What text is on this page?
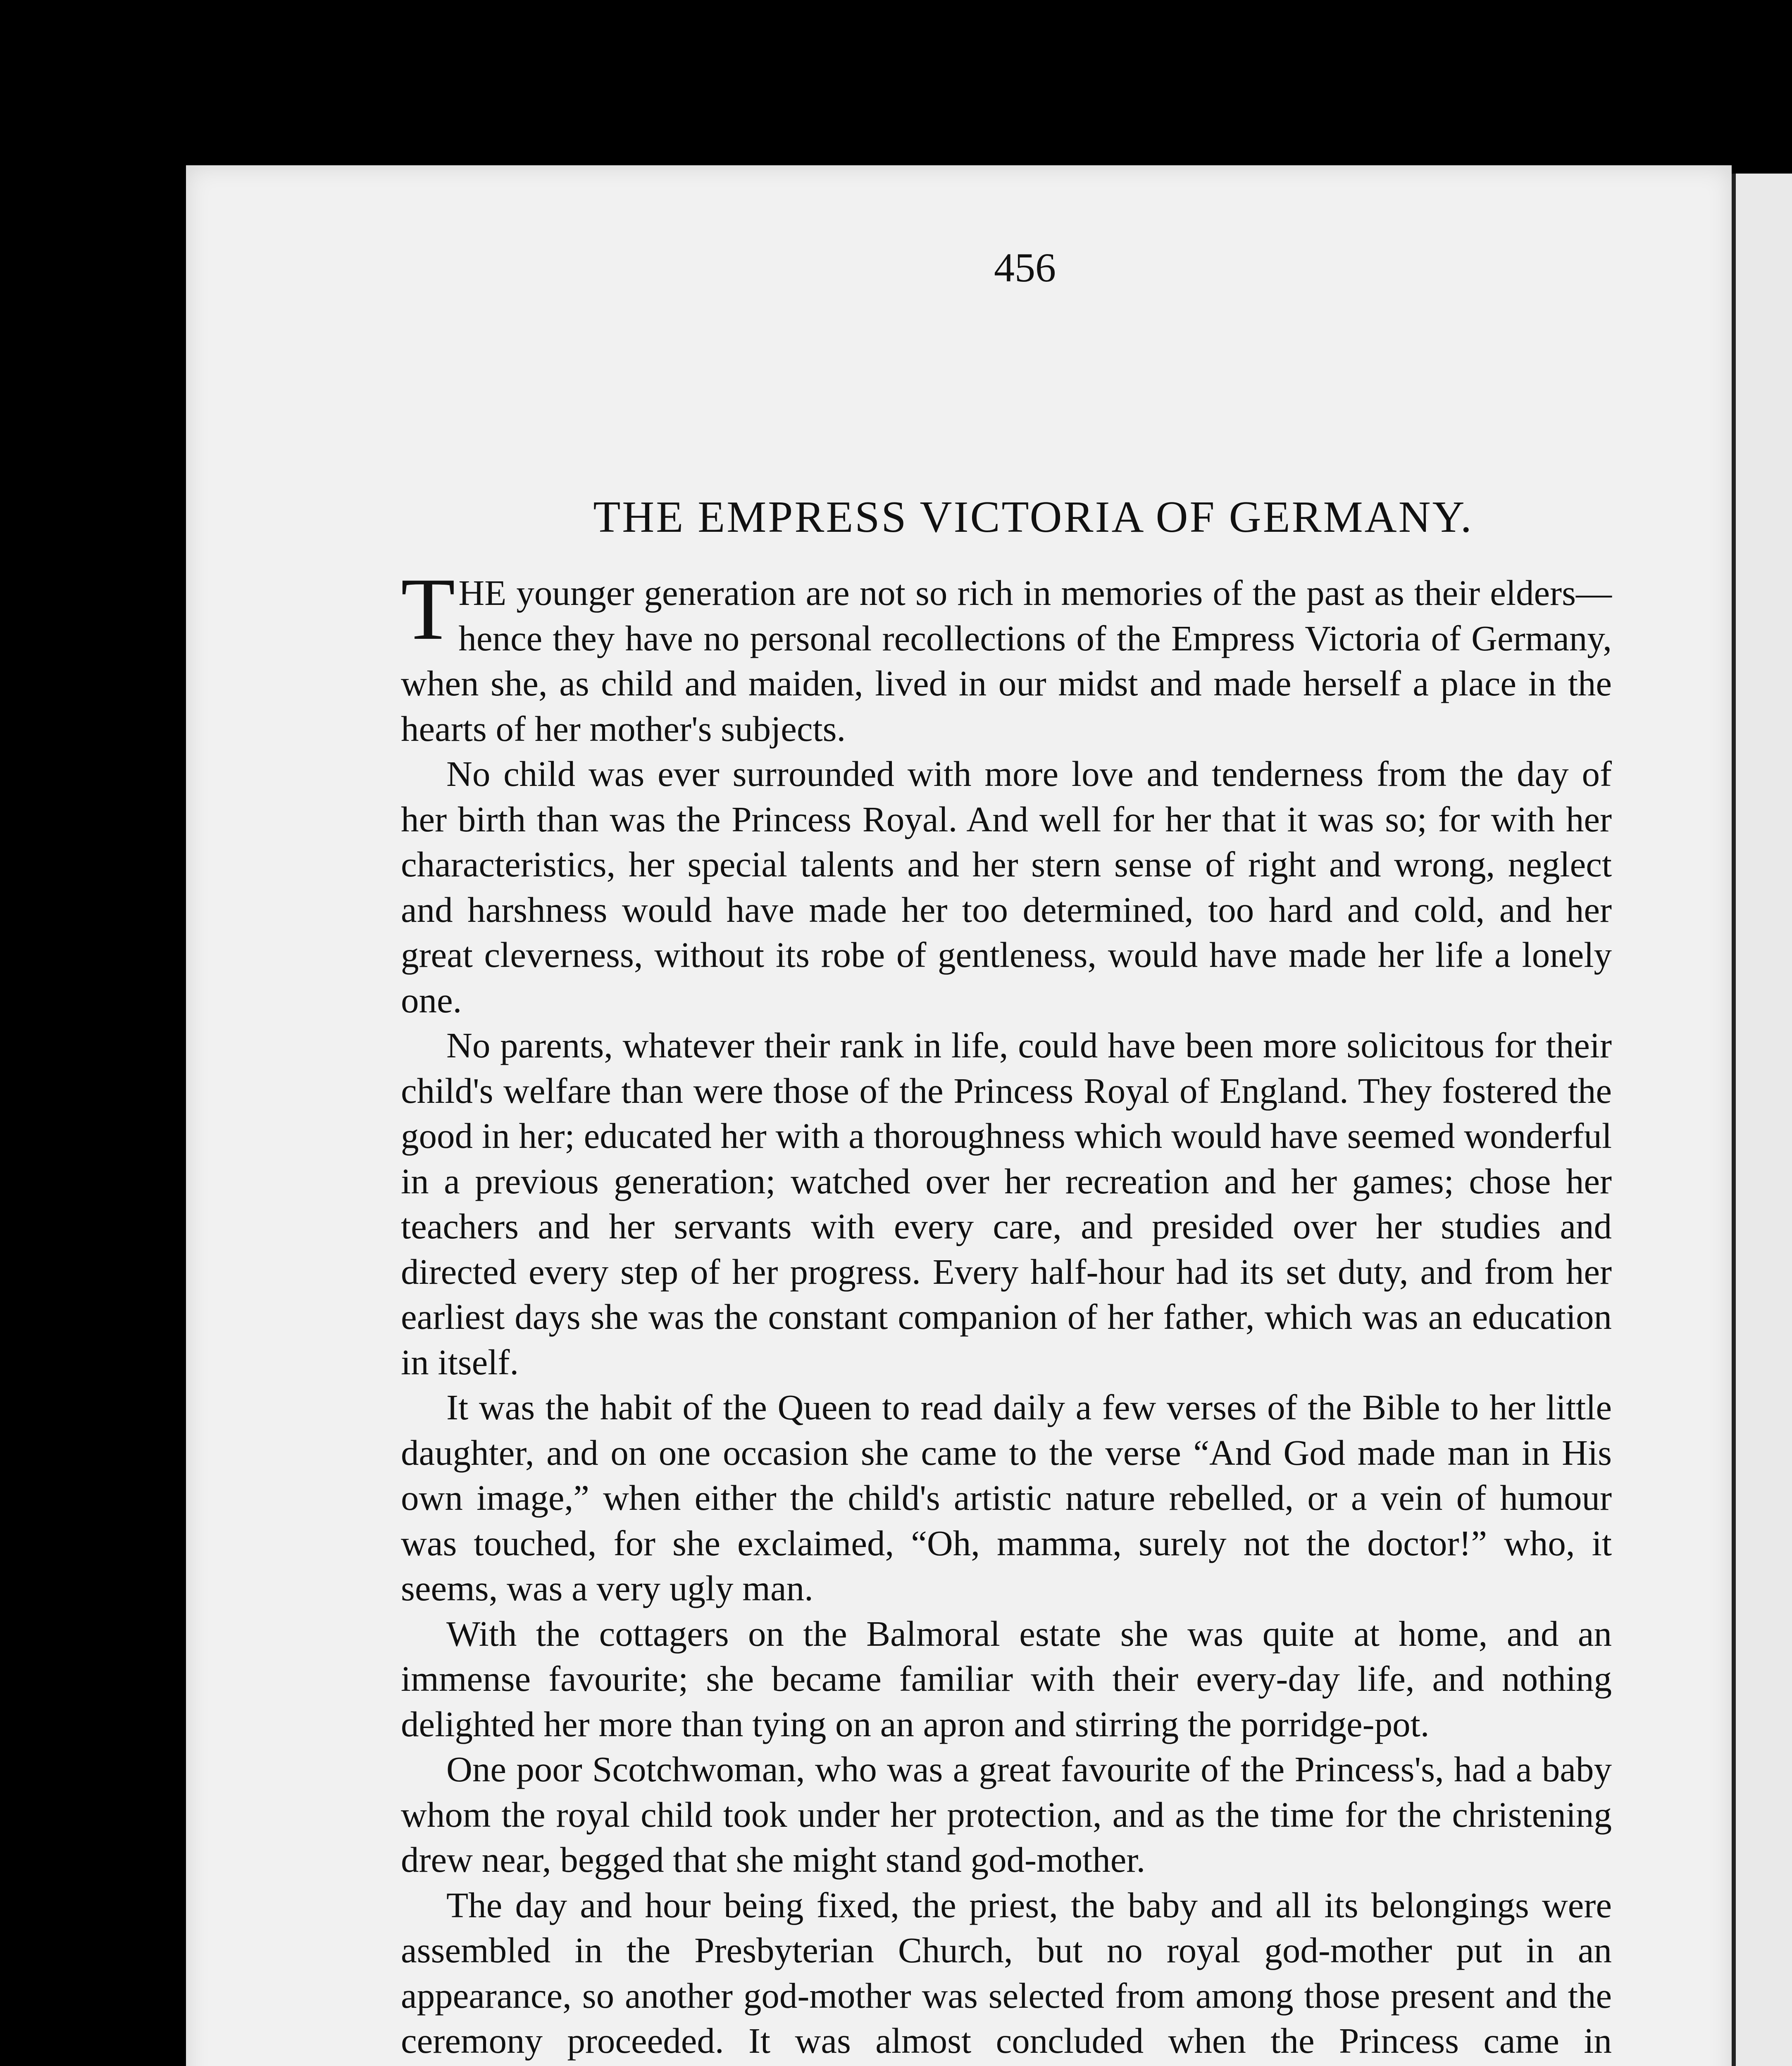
456
THE EMPRESS VICTORIA OF GERMANY.

THE younger generation are not so rich in memories of the past as their elders—hence they have no personal recollections of the Empress Victoria of Germany, when she, as child and maiden, lived in our midst and made herself a place in the hearts of her mother's subjects.

No child was ever surrounded with more love and tenderness from the day of her birth than was the Princess Royal. And well for her that it was so; for with her characteristics, her special talents and her stern sense of right and wrong, neglect and harshness would have made her too determined, too hard and cold, and her great cleverness, without its robe of gentleness, would have made her life a lonely one.

No parents, whatever their rank in life, could have been more solicitous for their child's welfare than were those of the Princess Royal of England. They fostered the good in her; educated her with a thoroughness which would have seemed wonderful in a previous generation; watched over her recreation and her games; chose her teachers and her servants with every care, and presided over her studies and directed every step of her progress. Every half-hour had its set duty, and from her earliest days she was the constant companion of her father, which was an education in itself.

It was the habit of the Queen to read daily a few verses of the Bible to her little daughter, and on one occasion she came to the verse “And God made man in His own image,” when either the child's artistic nature rebelled, or a vein of humour was touched, for she exclaimed, “Oh, mamma, surely not the doctor!” who, it seems, was a very ugly man.

With the cottagers on the Balmoral estate she was quite at home, and an immense favourite; she became familiar with their every-day life, and nothing delighted her more than tying on an apron and stirring the porridge-pot.

One poor Scotchwoman, who was a great favourite of the Princess's, had a baby whom the royal child took under her protection, and as the time for the christening drew near, begged that she might stand god-mother.

The day and hour being fixed, the priest, the baby and all its belongings were assembled in the Presbyterian Church, but no royal god-mother put in an appearance, so another god-mother was selected from among those present and the ceremony proceeded. It was almost concluded when the Princess came in
